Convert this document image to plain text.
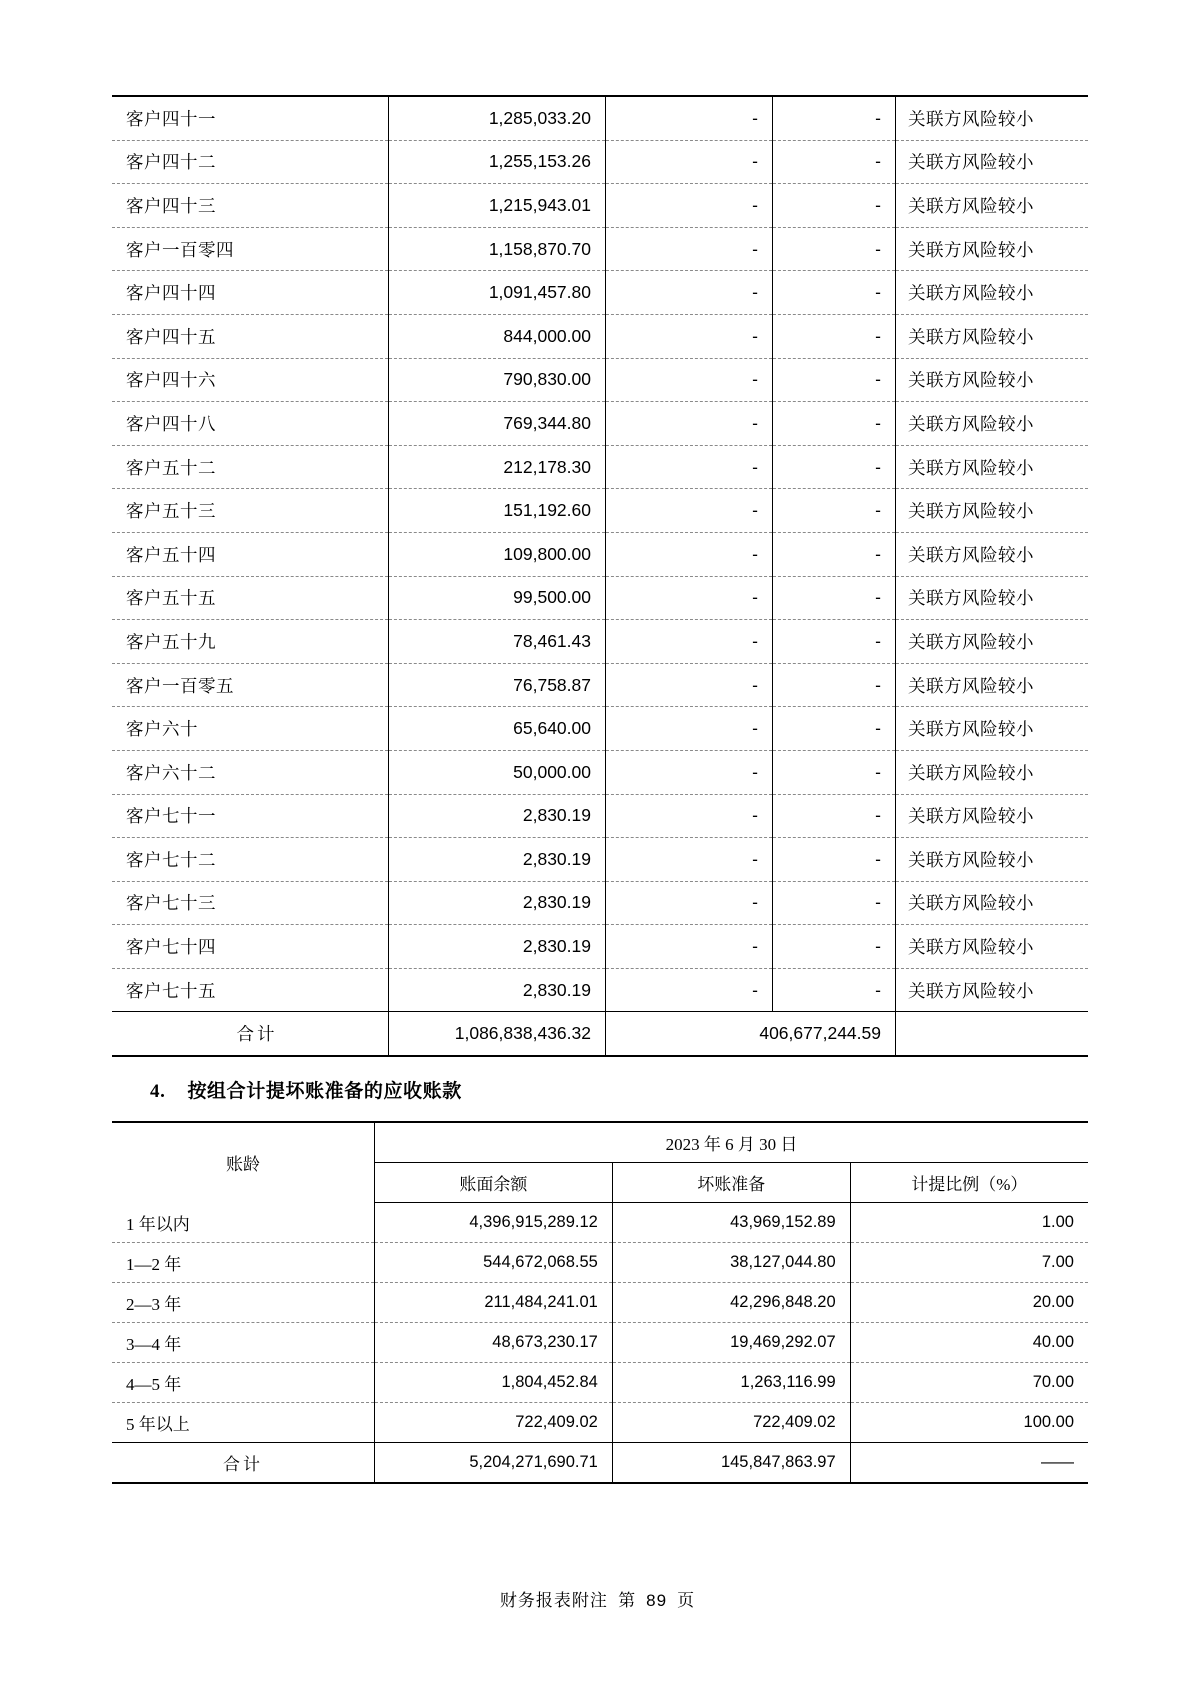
客户四十一	1,285,033.20	-	-	关联方风险较小
客户四十二	1,255,153.26	-	-	关联方风险较小
客户四十三	1,215,943.01	-	-	关联方风险较小
客户一百零四	1,158,870.70	-	-	关联方风险较小
客户四十四	1,091,457.80	-	-	关联方风险较小
客户四十五	844,000.00	-	-	关联方风险较小
客户四十六	790,830.00	-	-	关联方风险较小
客户四十八	769,344.80	-	-	关联方风险较小
客户五十二	212,178.30	-	-	关联方风险较小
客户五十三	151,192.60	-	-	关联方风险较小
客户五十四	109,800.00	-	-	关联方风险较小
客户五十五	99,500.00	-	-	关联方风险较小
客户五十九	78,461.43	-	-	关联方风险较小
客户一百零五	76,758.87	-	-	关联方风险较小
客户六十	65,640.00	-	-	关联方风险较小
客户六十二	50,000.00	-	-	关联方风险较小
客户七十一	2,830.19	-	-	关联方风险较小
客户七十二	2,830.19	-	-	关联方风险较小
客户七十三	2,830.19	-	-	关联方风险较小
客户七十四	2,830.19	-	-	关联方风险较小
客户七十五	2,830.19	-	-	关联方风险较小
合计	1,086,838,436.32	406,677,244.59		
4. 按组合计提坏账准备的应收账款
账龄	2023 年 6 月 30 日		
	账面余额	坏账准备	计提比例（%）
1 年以内	4,396,915,289.12	43,969,152.89	1.00
1—2 年	544,672,068.55	38,127,044.80	7.00
2—3 年	211,484,241.01	42,296,848.20	20.00
3—4 年	48,673,230.17	19,469,292.07	40.00
4—5 年	1,804,452.84	1,263,116.99	70.00
5 年以上	722,409.02	722,409.02	100.00
合计	5,204,271,690.71	145,847,863.97	——
财务报表附注 第 89 页
